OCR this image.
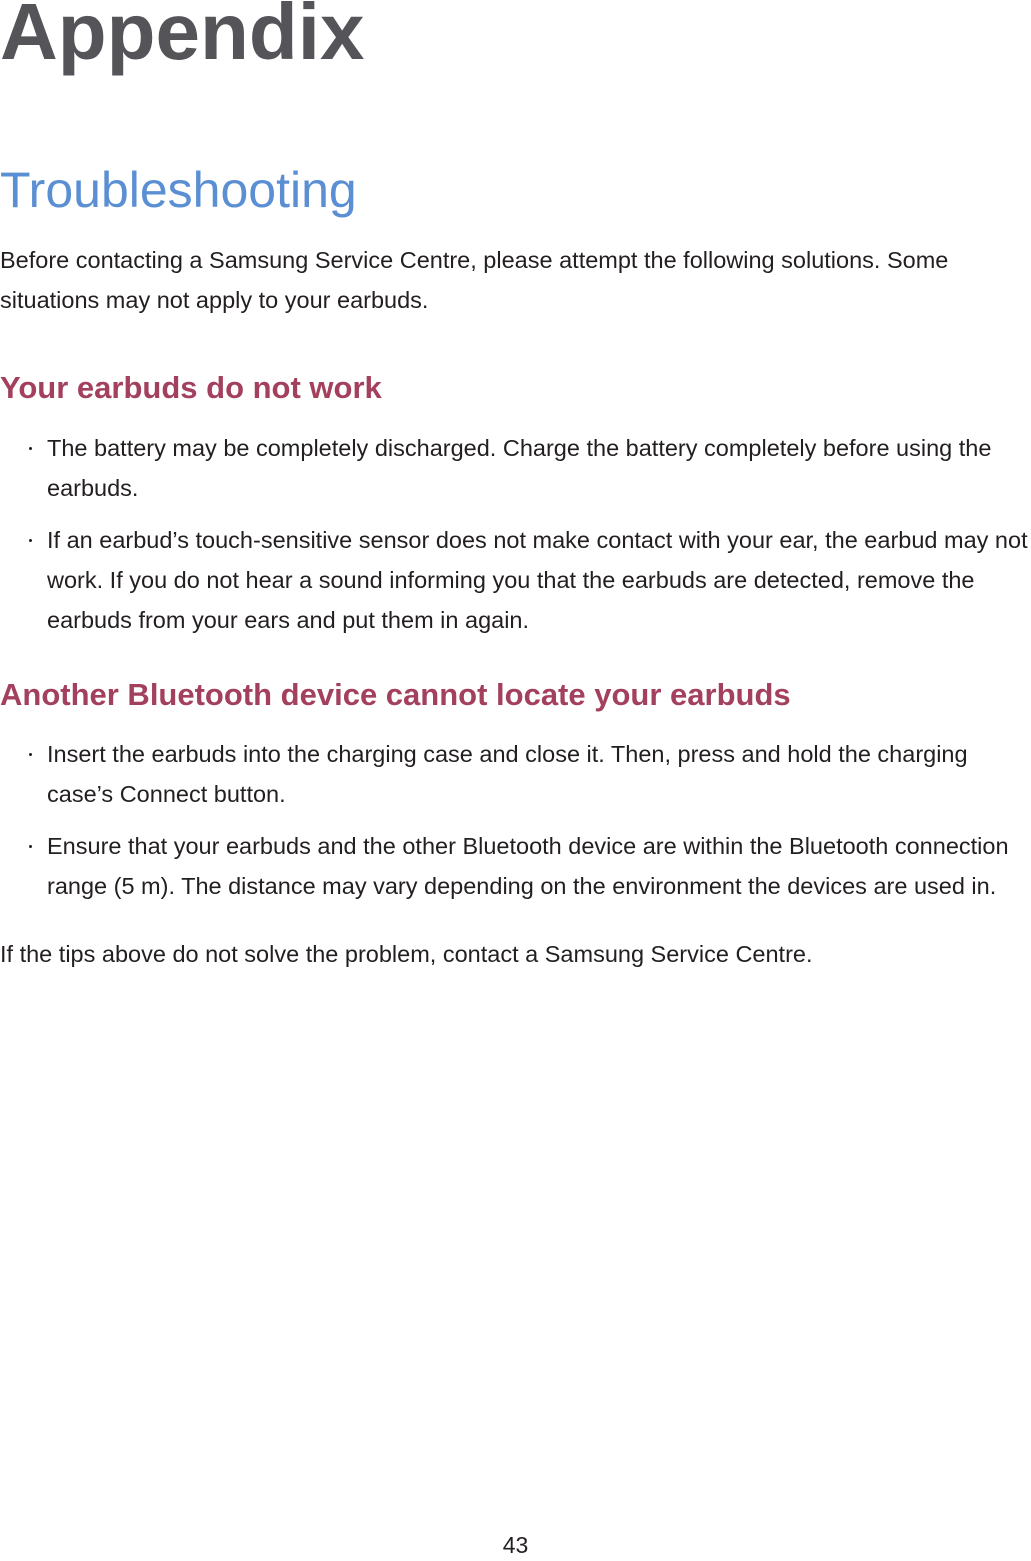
Appendix
Troubleshooting

Before contacting a Samsung Service Centre, please attempt the following solutions. Some situations may not apply to your earbuds.

Your earbuds do not work
The battery may be completely discharged. Charge the battery completely before using the earbuds.
If an earbud’s touch-sensitive sensor does not make contact with your ear, the earbud may not work. If you do not hear a sound informing you that the earbuds are detected, remove the earbuds from your ears and put them in again.
Another Bluetooth device cannot locate your earbuds
Insert the earbuds into the charging case and close it. Then, press and hold the charging case’s Connect button.
Ensure that your earbuds and the other Bluetooth device are within the Bluetooth connection range (5 m). The distance may vary depending on the environment the devices are used in.

If the tips above do not solve the problem, contact a Samsung Service Centre.

43
